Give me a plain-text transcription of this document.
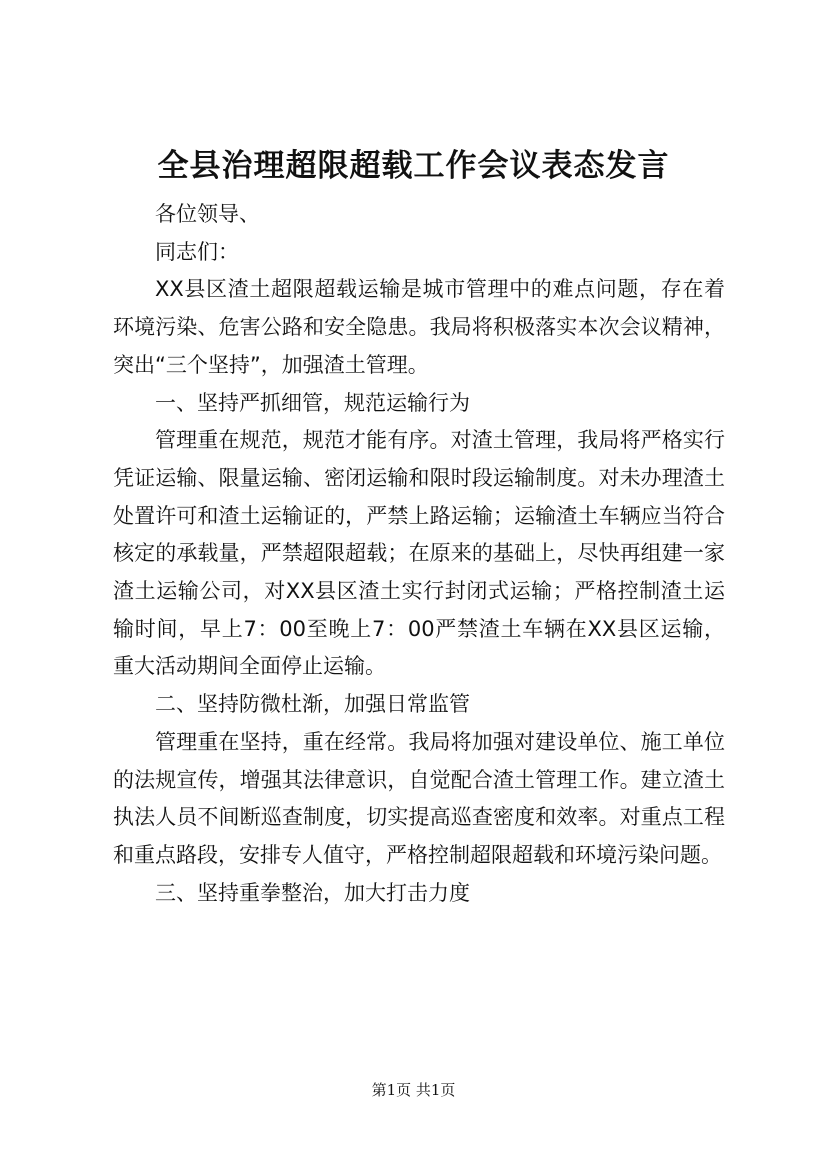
全县治理超限超载工作会议表态发言

各位领导、

同志们：

XX县区渣土超限超载运输是城市管理中的难点问题，存在着环境污染、危害公路和安全隐患。我局将积极落实本次会议精神，突出“三个坚持”，加强渣土管理。

一、坚持严抓细管，规范运输行为

管理重在规范，规范才能有序。对渣土管理，我局将严格实行凭证运输、限量运输、密闭运输和限时段运输制度。对未办理渣土处置许可和渣土运输证的，严禁上路运输；运输渣土车辆应当符合核定的承载量，严禁超限超载；在原来的基础上，尽快再组建一家渣土运输公司，对XX县区渣土实行封闭式运输；严格控制渣土运输时间，早上7：00至晚上7：00严禁渣土车辆在XX县区运输，重大活动期间全面停止运输。

二、坚持防微杜渐，加强日常监管

管理重在坚持，重在经常。我局将加强对建设单位、施工单位的法规宣传，增强其法律意识，自觉配合渣土管理工作。建立渣土执法人员不间断巡查制度，切实提高巡查密度和效率。对重点工程和重点路段，安排专人值守，严格控制超限超载和环境污染问题。

三、坚持重拳整治，加大打击力度

第1页 共1页
